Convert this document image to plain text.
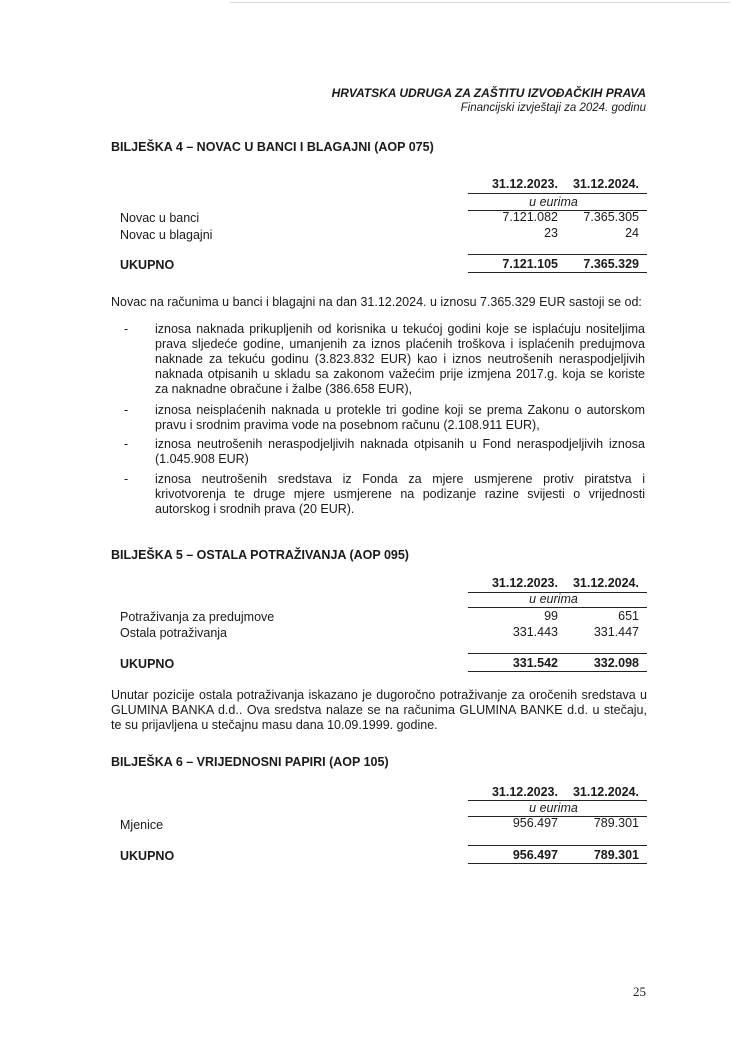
HRVATSKA UDRUGA ZA ZAŠTITU IZVOĐAČKIH PRAVA
Financijski izvještaji za 2024. godinu
BILJEŠKA 4 – NOVAC U BANCI I BLAGAJNI (AOP 075)
31.12.2023.	31.12.2024.
u eurima
Novac u banci	7.121.082	7.365.305
Novac u blagajni	23	24
UKUPNO	7.121.105	7.365.329
Novac na računima u banci i blagajni na dan 31.12.2024. u iznosu 7.365.329 EUR sastoji se od:
- iznosa naknada prikupljenih od korisnika u tekućoj godini koje se isplaćuju nositeljima prava sljedeće godine, umanjenih za iznos plaćenih troškova i isplaćenih predujmova naknade za tekuću godinu (3.823.832 EUR) kao i iznos neutrošenih neraspodjeljivih naknada otpisanih u skladu sa zakonom važećim prije izmjena 2017.g. koja se koriste za naknadne obračune i žalbe (386.658 EUR),
- iznosa neisplaćenih naknada u protekle tri godine koji se prema Zakonu o autorskom pravu i srodnim pravima vode na posebnom računu (2.108.911 EUR),
- iznosa neutrošenih neraspodjeljivih naknada otpisanih u Fond neraspodjeljivih iznosa (1.045.908 EUR)
- iznosa neutrošenih sredstava iz Fonda za mjere usmjerene protiv piratstva i krivotvorenja te druge mjere usmjerene na podizanje razine svijesti o vrijednosti autorskog i srodnih prava (20 EUR).
BILJEŠKA 5 – OSTALA POTRAŽIVANJA (AOP 095)
31.12.2023.	31.12.2024.
u eurima
Potraživanja za predujmove	99	651
Ostala potraživanja	331.443	331.447
UKUPNO	331.542	332.098
Unutar pozicije ostala potraživanja iskazano je dugoročno potraživanje za oročenih sredstava u GLUMINA BANKA d.d.. Ova sredstva nalaze se na računima GLUMINA BANKE d.d. u stečaju, te su prijavljena u stečajnu masu dana 10.09.1999. godine.
BILJEŠKA 6 – VRIJEDNOSNI PAPIRI (AOP 105)
31.12.2023.	31.12.2024.
u eurima
Mjenice	956.497	789.301
UKUPNO	956.497	789.301
25
